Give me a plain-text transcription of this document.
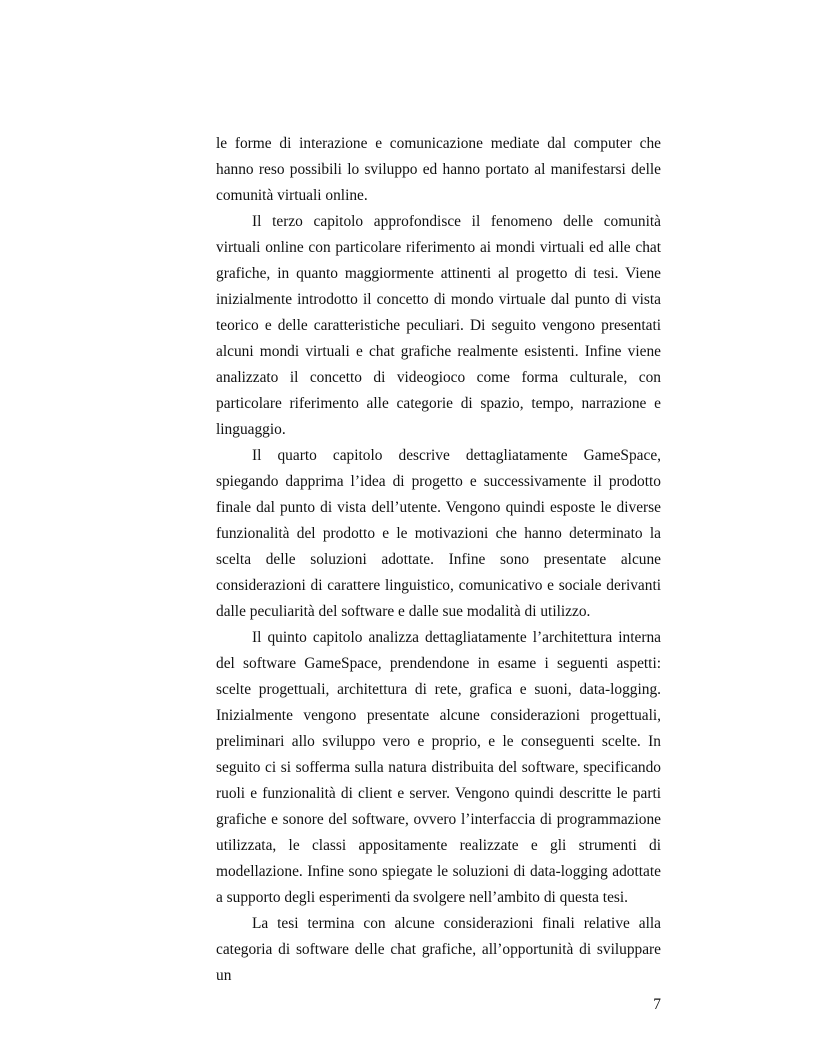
le forme di interazione e comunicazione mediate dal computer che hanno reso possibili lo sviluppo ed hanno portato al manifestarsi delle comunità virtuali online.

Il terzo capitolo approfondisce il fenomeno delle comunità virtuali online con particolare riferimento ai mondi virtuali ed alle chat grafiche, in quanto maggiormente attinenti al progetto di tesi. Viene inizialmente introdotto il concetto di mondo virtuale dal punto di vista teorico e delle caratteristiche peculiari. Di seguito vengono presentati alcuni mondi virtuali e chat grafiche realmente esistenti. Infine viene analizzato il concetto di videogioco come forma culturale, con particolare riferimento alle categorie di spazio, tempo, narrazione e linguaggio.

Il quarto capitolo descrive dettagliatamente GameSpace, spiegando dapprima l’idea di progetto e successivamente il prodotto finale dal punto di vista dell’utente. Vengono quindi esposte le diverse funzionalità del prodotto e le motivazioni che hanno determinato la scelta delle soluzioni adottate. Infine sono presentate alcune considerazioni di carattere linguistico, comunicativo e sociale derivanti dalle peculiarità del software e dalle sue modalità di utilizzo.

Il quinto capitolo analizza dettagliatamente l’architettura interna del software GameSpace, prendendone in esame i seguenti aspetti: scelte progettuali, architettura di rete, grafica e suoni, data-logging. Inizialmente vengono presentate alcune considerazioni progettuali, preliminari allo sviluppo vero e proprio, e le conseguenti scelte. In seguito ci si sofferma sulla natura distribuita del software, specificando ruoli e funzionalità di client e server. Vengono quindi descritte le parti grafiche e sonore del software, ovvero l’interfaccia di programmazione utilizzata, le classi appositamente realizzate e gli strumenti di modellazione. Infine sono spiegate le soluzioni di data-logging adottate a supporto degli esperimenti da svolgere nell’ambito di questa tesi.

La tesi termina con alcune considerazioni finali relative alla categoria di software delle chat grafiche, all’opportunità di sviluppare un

7
